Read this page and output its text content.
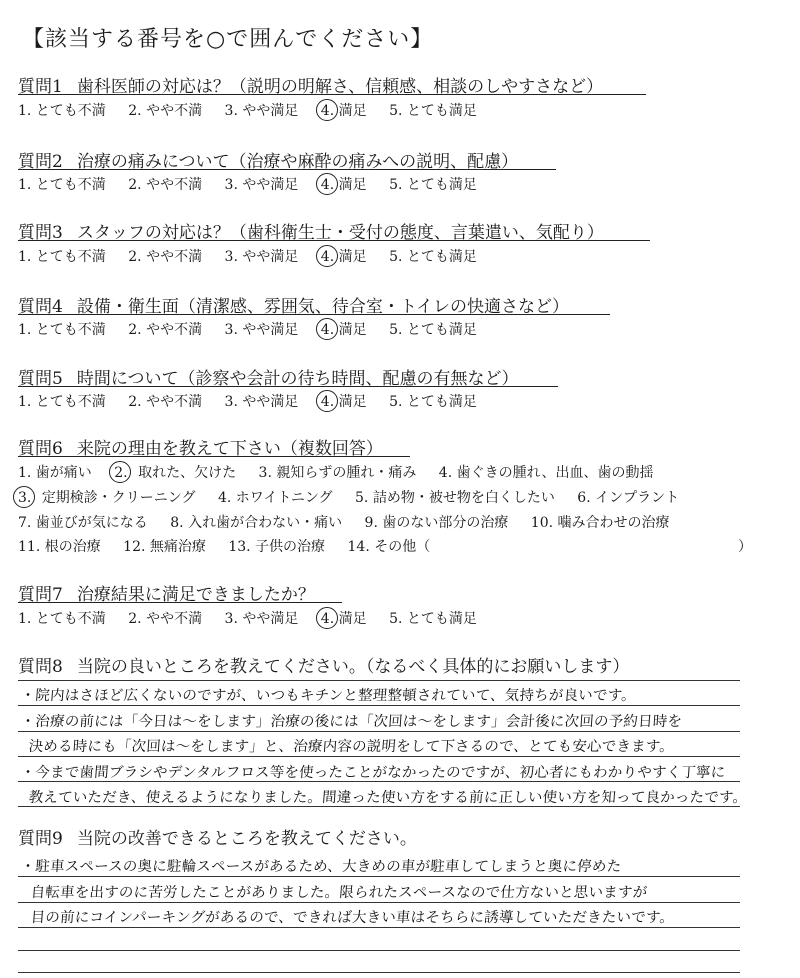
【該当する番号を○で囲んでください】
質問1 歯科医師の対応は？（説明の明解さ、信頼感、相談のしやすさなど）
1. とても不満 2. やや不満 3. やや満足 4. 満足 5. とても満足
質問2 治療の痛みについて（治療や麻酔の痛みへの説明、配慮）
1. とても不満 2. やや不満 3. やや満足 4. 満足 5. とても満足
質問3 スタッフの対応は？（歯科衛生士・受付の態度、言葉遣い、気配り）
1. とても不満 2. やや不満 3. やや満足 4. 満足 5. とても満足
質問4 設備・衛生面（清潔感、雰囲気、待合室・トイレの快適さなど）
1. とても不満 2. やや不満 3. やや満足 4. 満足 5. とても満足
質問5 時間について（診察や会計の待ち時間、配慮の有無など）
1. とても不満 2. やや不満 3. やや満足 4. 満足 5. とても満足
質問6 来院の理由を教えて下さい（複数回答）
1. 歯が痛い 2. 取れた、欠けた 3. 親知らずの腫れ・痛み 4. 歯ぐきの腫れ、出血、歯の動揺
3. 定期検診・クリーニング 4. ホワイトニング 5. 詰め物・被せ物を白くしたい 6. インプラント
7. 歯並びが気になる 8. 入れ歯が合わない・痛い 9. 歯のない部分の治療 10. 噛み合わせの治療
11. 根の治療 12. 無痛治療 13. 子供の治療 14. その他（	）
質問7 治療結果に満足できましたか？
1. とても不満 2. やや不満 3. やや満足 4. 満足 5. とても満足
質問8 当院の良いところを教えてください。（なるべく具体的にお願いします）
・院内はさほど広くないのですが、いつもキチンと整理整頓されていて、気持ちが良いです。
・治療の前には「今日は〜をします」治療の後には「次回は〜をします」会計後に次回の予約日時を
決める時にも「次回は〜をします」と、治療内容の説明をして下さるので、とても安心できます。
・今まで歯間ブラシやデンタルフロス等を使ったことがなかったのですが、初心者にもわかりやすく丁寧に
教えていただき、使えるようになりました。間違った使い方をする前に正しい使い方を知って良かったです。
質問9 当院の改善できるところを教えてください。
・駐車スペースの奥に駐輪スペースがあるため、大きめの車が駐車してしまうと奥に停めた
自転車を出すのに苦労したことがありました。限られたスペースなので仕方ないと思いますが
目の前にコインパーキングがあるので、できれば大きい車はそちらに誘導していただきたいです。
